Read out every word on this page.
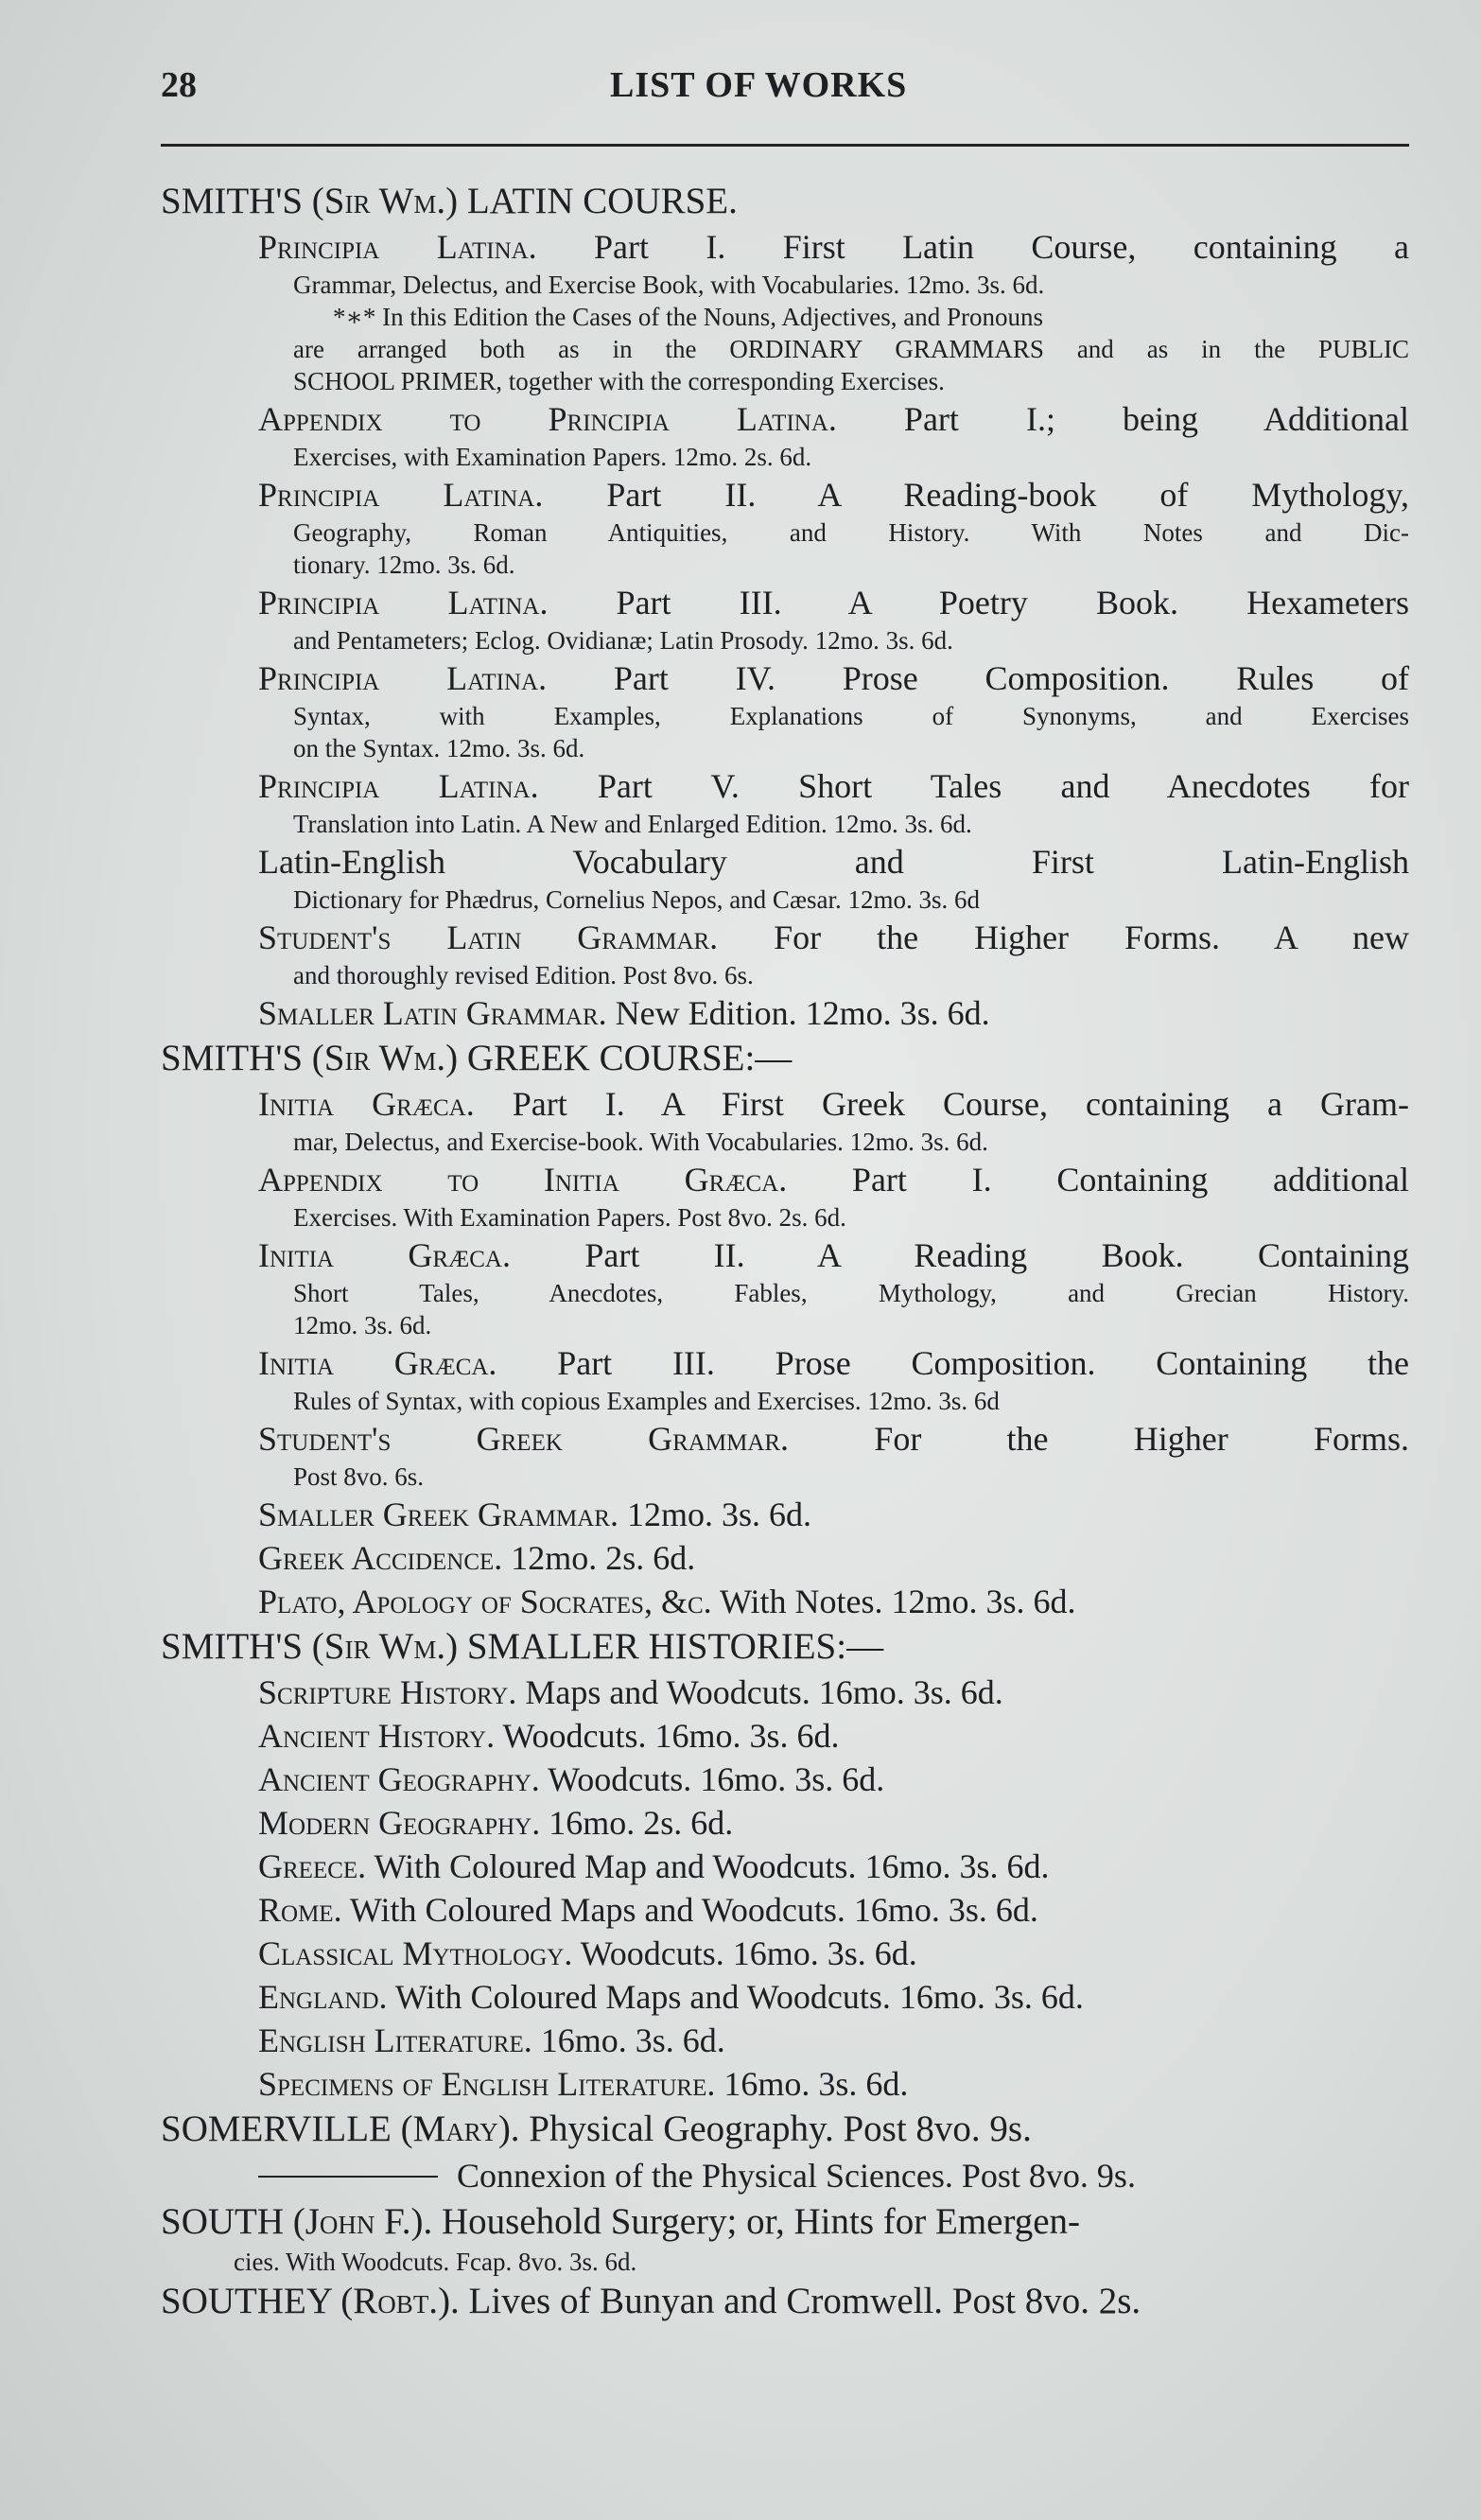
28	LIST OF WORKS
SMITH'S (Sir Wm.) LATIN COURSE.
Principia Latina. Part I. First Latin Course, containing a
Grammar, Delectus, and Exercise Book, with Vocabularies. 12mo. 3s. 6d.
*∗* In this Edition the Cases of the Nouns, Adjectives, and Pronouns
are arranged both as in the ORDINARY GRAMMARS and as in the PUBLIC
SCHOOL PRIMER, together with the corresponding Exercises.
Appendix to Principia Latina. Part I.; being Additional
Exercises, with Examination Papers. 12mo. 2s. 6d.
Principia Latina. Part II. A Reading-book of Mythology,
Geography, Roman Antiquities, and History. With Notes and Dic-
tionary. 12mo. 3s. 6d.
Principia Latina. Part III. A Poetry Book. Hexameters
and Pentameters; Eclog. Ovidianæ; Latin Prosody. 12mo. 3s. 6d.
Principia Latina. Part IV. Prose Composition. Rules of
Syntax, with Examples, Explanations of Synonyms, and Exercises
on the Syntax. 12mo. 3s. 6d.
Principia Latina. Part V. Short Tales and Anecdotes for
Translation into Latin. A New and Enlarged Edition. 12mo. 3s. 6d.
Latin-English Vocabulary and First Latin-English
Dictionary for Phædrus, Cornelius Nepos, and Cæsar. 12mo. 3s. 6d
Student's Latin Grammar. For the Higher Forms. A new
and thoroughly revised Edition. Post 8vo. 6s.
Smaller Latin Grammar. New Edition. 12mo. 3s. 6d.
SMITH'S (Sir Wm.) GREEK COURSE:—
Initia Græca. Part I. A First Greek Course, containing a Gram-
mar, Delectus, and Exercise-book. With Vocabularies. 12mo. 3s. 6d.
Appendix to Initia Græca. Part I. Containing additional
Exercises. With Examination Papers. Post 8vo. 2s. 6d.
Initia Græca. Part II. A Reading Book. Containing
Short Tales, Anecdotes, Fables, Mythology, and Grecian History.
12mo. 3s. 6d.
Initia Græca. Part III. Prose Composition. Containing the
Rules of Syntax, with copious Examples and Exercises. 12mo. 3s. 6d
Student's Greek Grammar. For the Higher Forms.
Post 8vo. 6s.
Smaller Greek Grammar. 12mo. 3s. 6d.
Greek Accidence. 12mo. 2s. 6d.
Plato, Apology of Socrates, &c. With Notes. 12mo. 3s. 6d.
SMITH'S (Sir Wm.) SMALLER HISTORIES:—
Scripture History. Maps and Woodcuts. 16mo. 3s. 6d.
Ancient History. Woodcuts. 16mo. 3s. 6d.
Ancient Geography. Woodcuts. 16mo. 3s. 6d.
Modern Geography. 16mo. 2s. 6d.
Greece. With Coloured Map and Woodcuts. 16mo. 3s. 6d.
Rome. With Coloured Maps and Woodcuts. 16mo. 3s. 6d.
Classical Mythology. Woodcuts. 16mo. 3s. 6d.
England. With Coloured Maps and Woodcuts. 16mo. 3s. 6d.
English Literature. 16mo. 3s. 6d.
Specimens of English Literature. 16mo. 3s. 6d.
SOMERVILLE (Mary). Physical Geography. Post 8vo. 9s.
Connexion of the Physical Sciences. Post 8vo. 9s.
SOUTH (John F.). Household Surgery; or, Hints for Emergen-
cies. With Woodcuts. Fcap. 8vo. 3s. 6d.
SOUTHEY (Robt.). Lives of Bunyan and Cromwell. Post 8vo. 2s.
